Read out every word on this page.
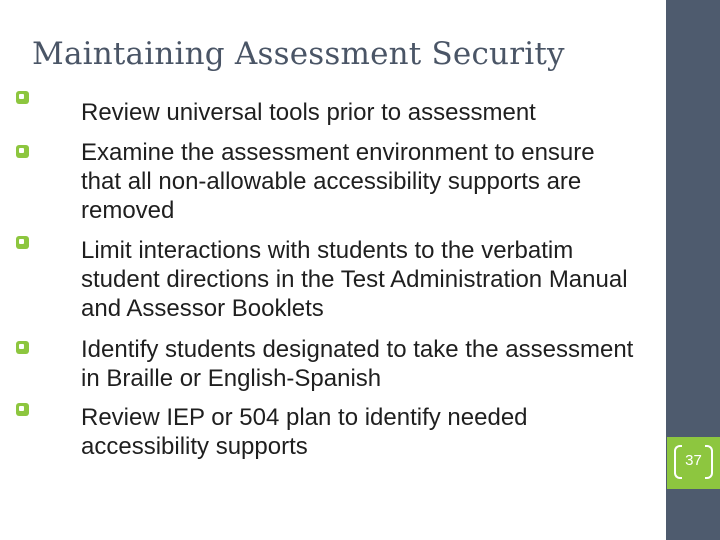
Maintaining Assessment Security
Review universal tools prior to assessment
Examine the assessment environment to ensure that all non-allowable accessibility supports are removed
Limit interactions with students to the verbatim student directions in the Test Administration Manual and Assessor Booklets
Identify students designated to take the assessment in Braille or English-Spanish
Review IEP or 504 plan to identify needed accessibility supports
37
